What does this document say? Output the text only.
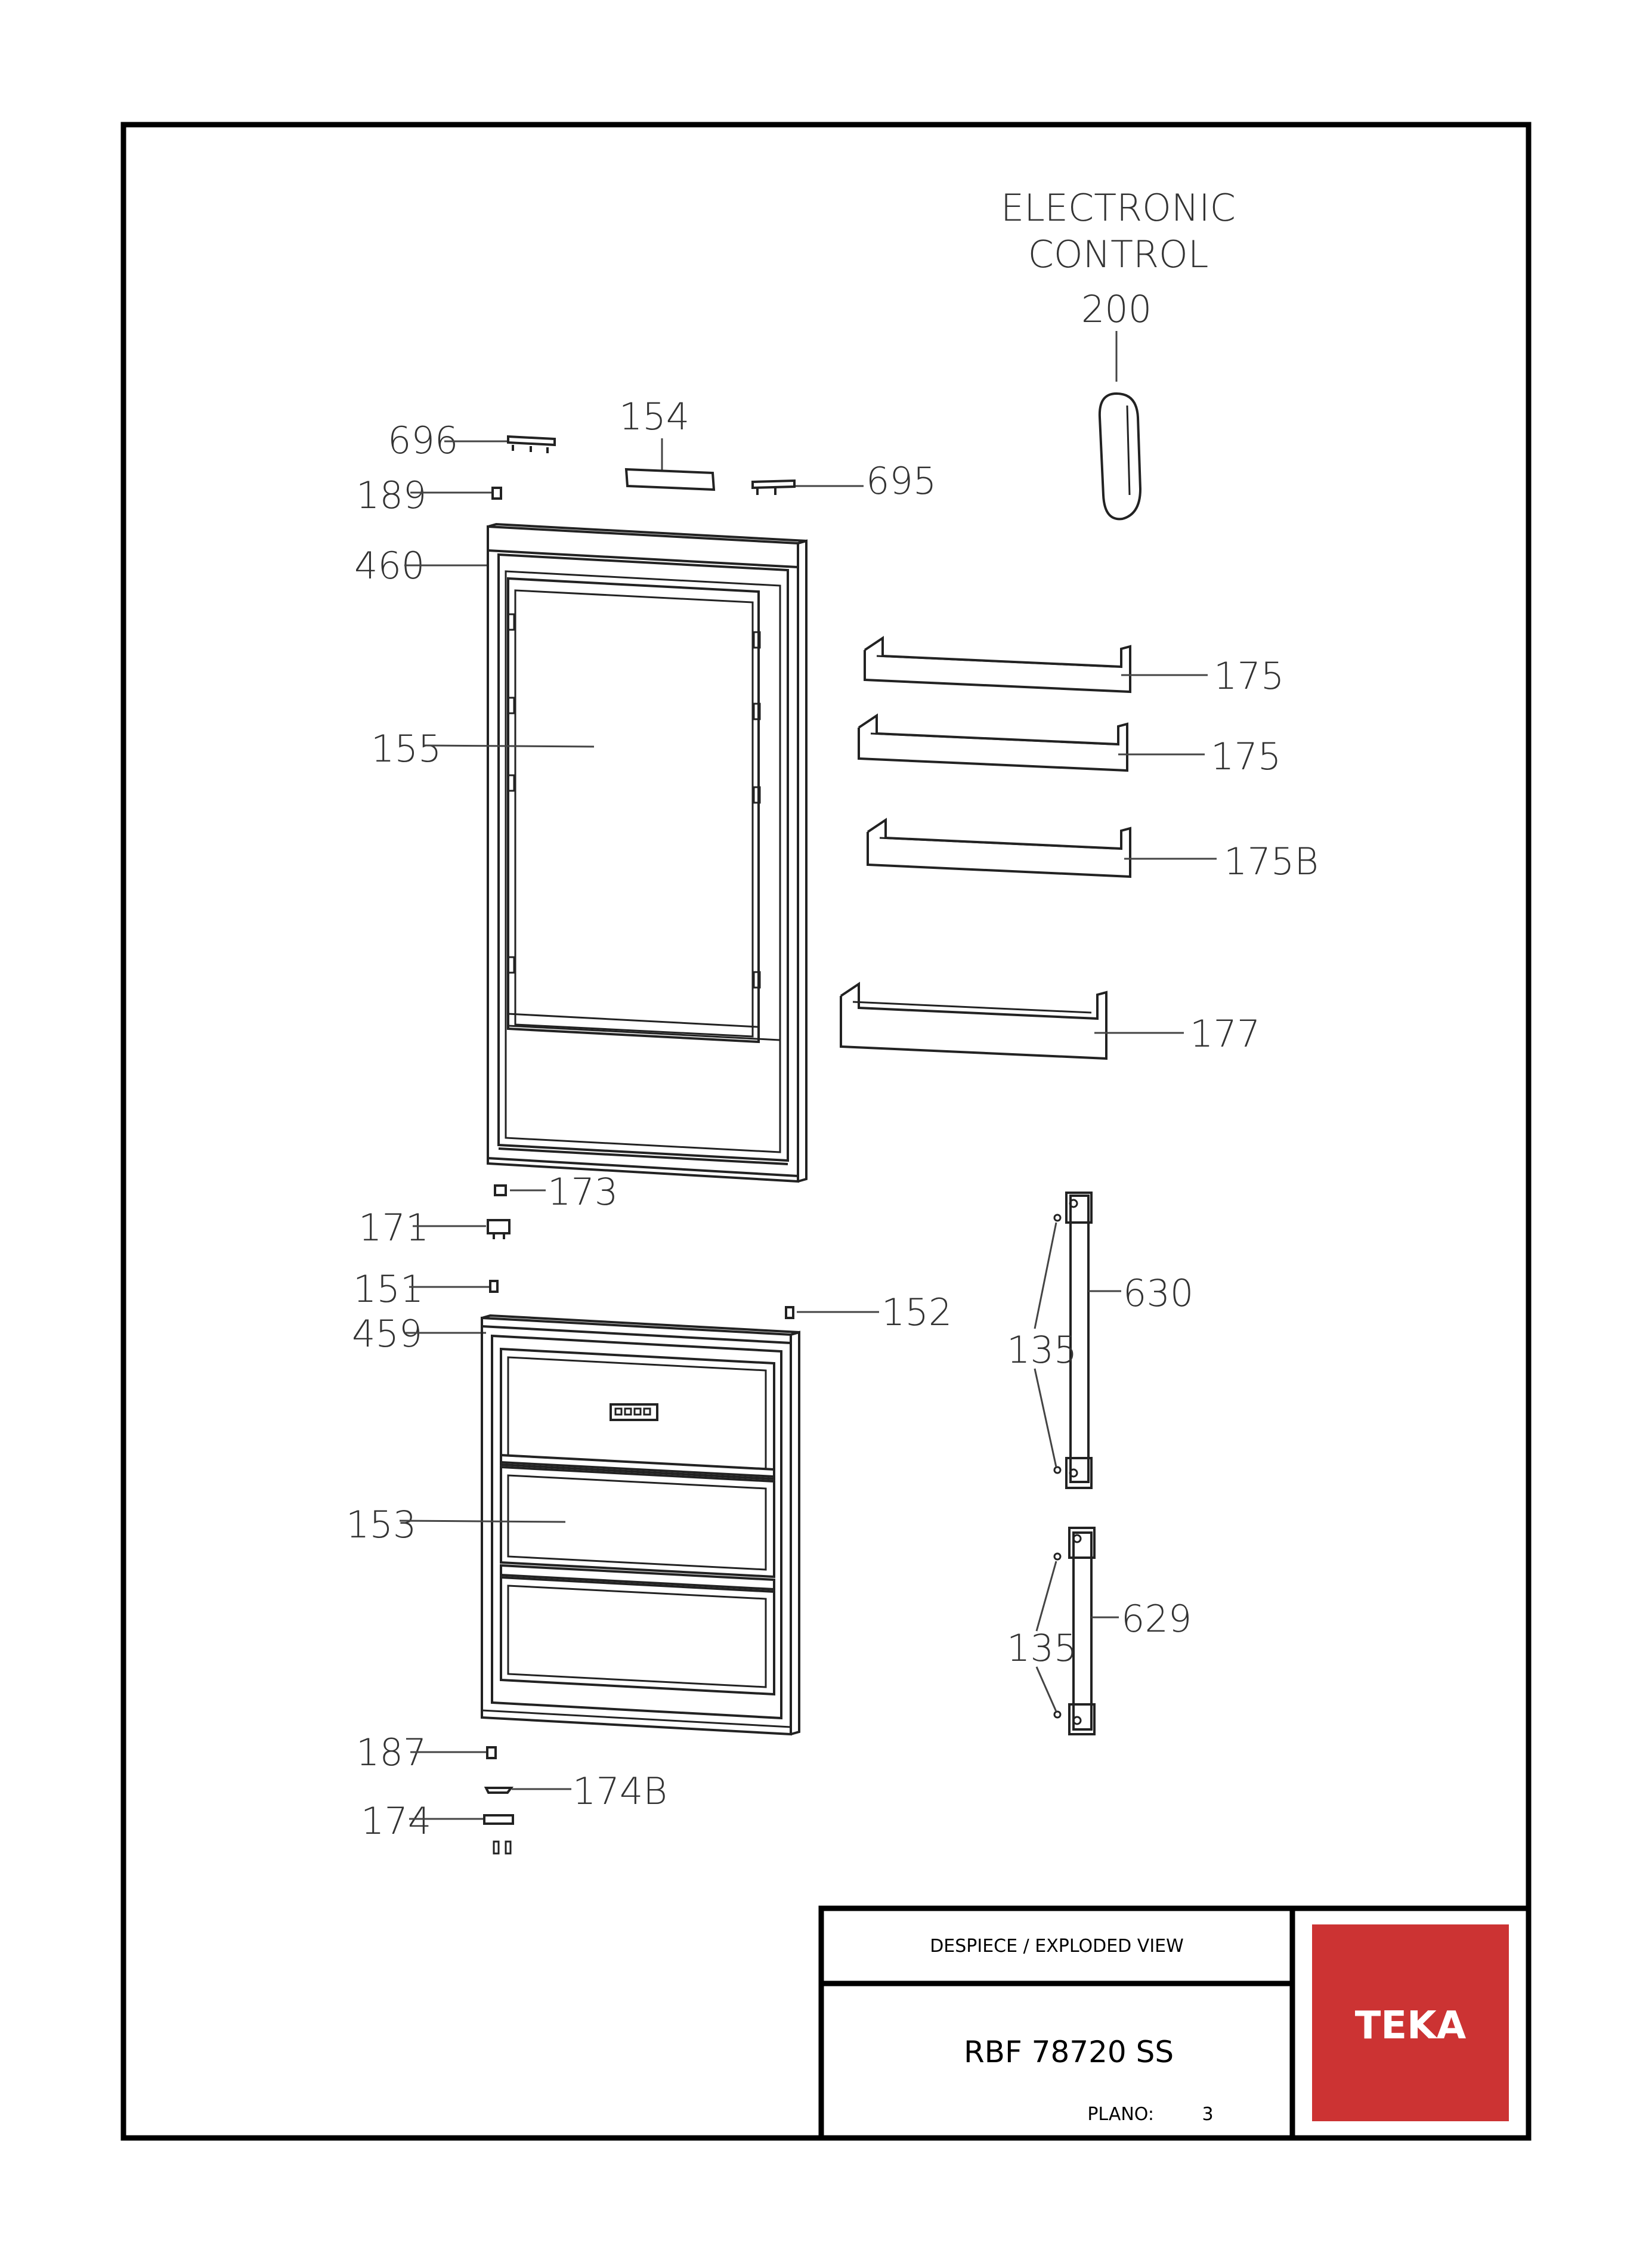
ELECTRONIC
CONTROL
200
154
696
695
189
460
155
175
175
175B
177
173
171
151
152
459
153
630
135
629
135
187
174B
174
DESPIECE / EXPLODED VIEW
RBF 78720 SS
PLANO:	3
TEKA
